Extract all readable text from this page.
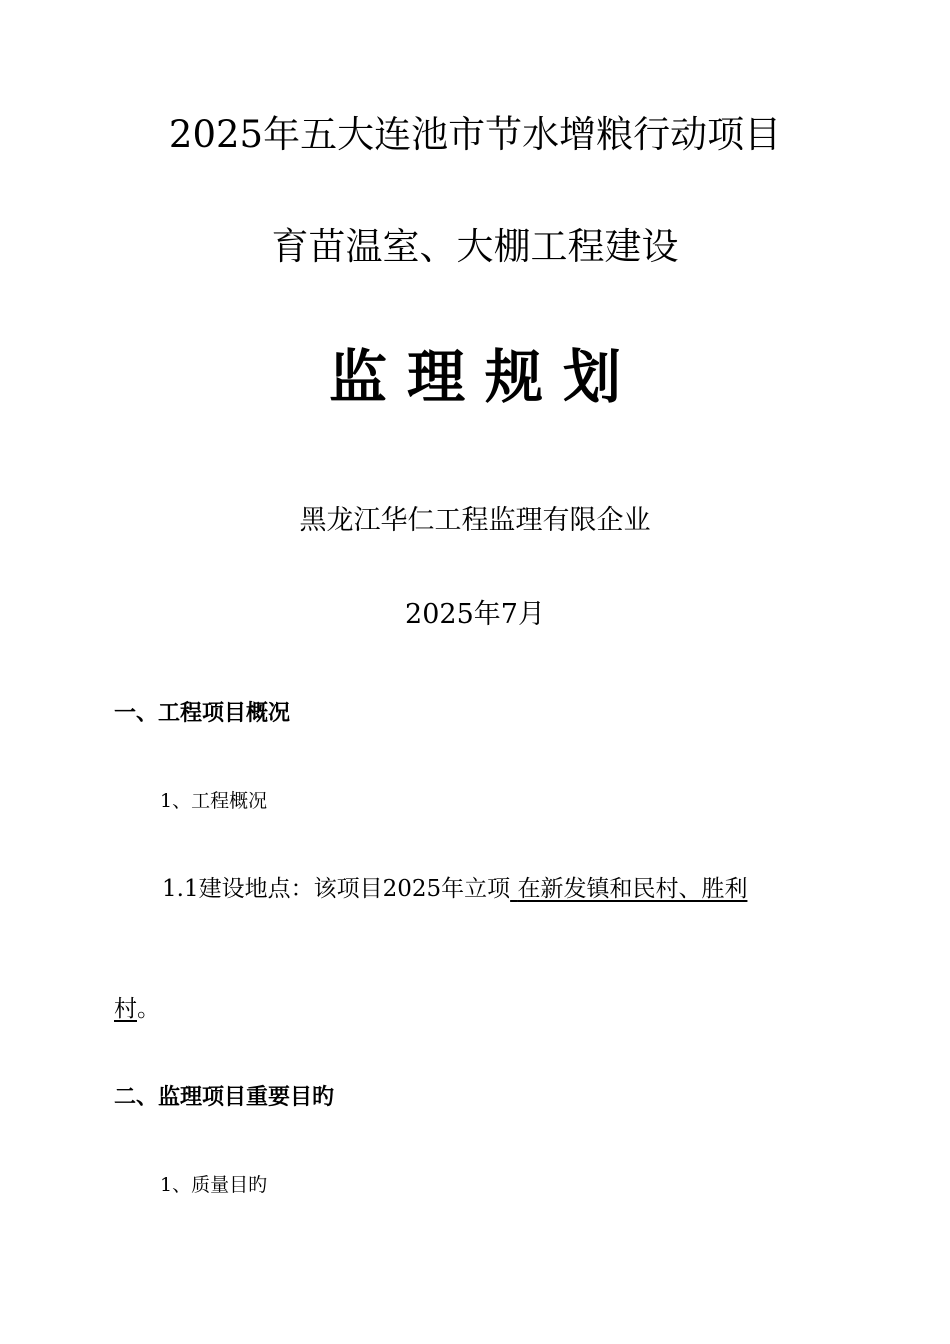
2025年五大连池市节水增粮行动项目
育苗温室、大棚工程建设
监 理 规 划
黑龙江华仁工程监理有限企业
2025年7月
一、工程项目概况
1、工程概况
1.1建设地点：该项目2025年立项 在新发镇和民村、胜利
村。
二、监理项目重要目旳
1、质量目旳
